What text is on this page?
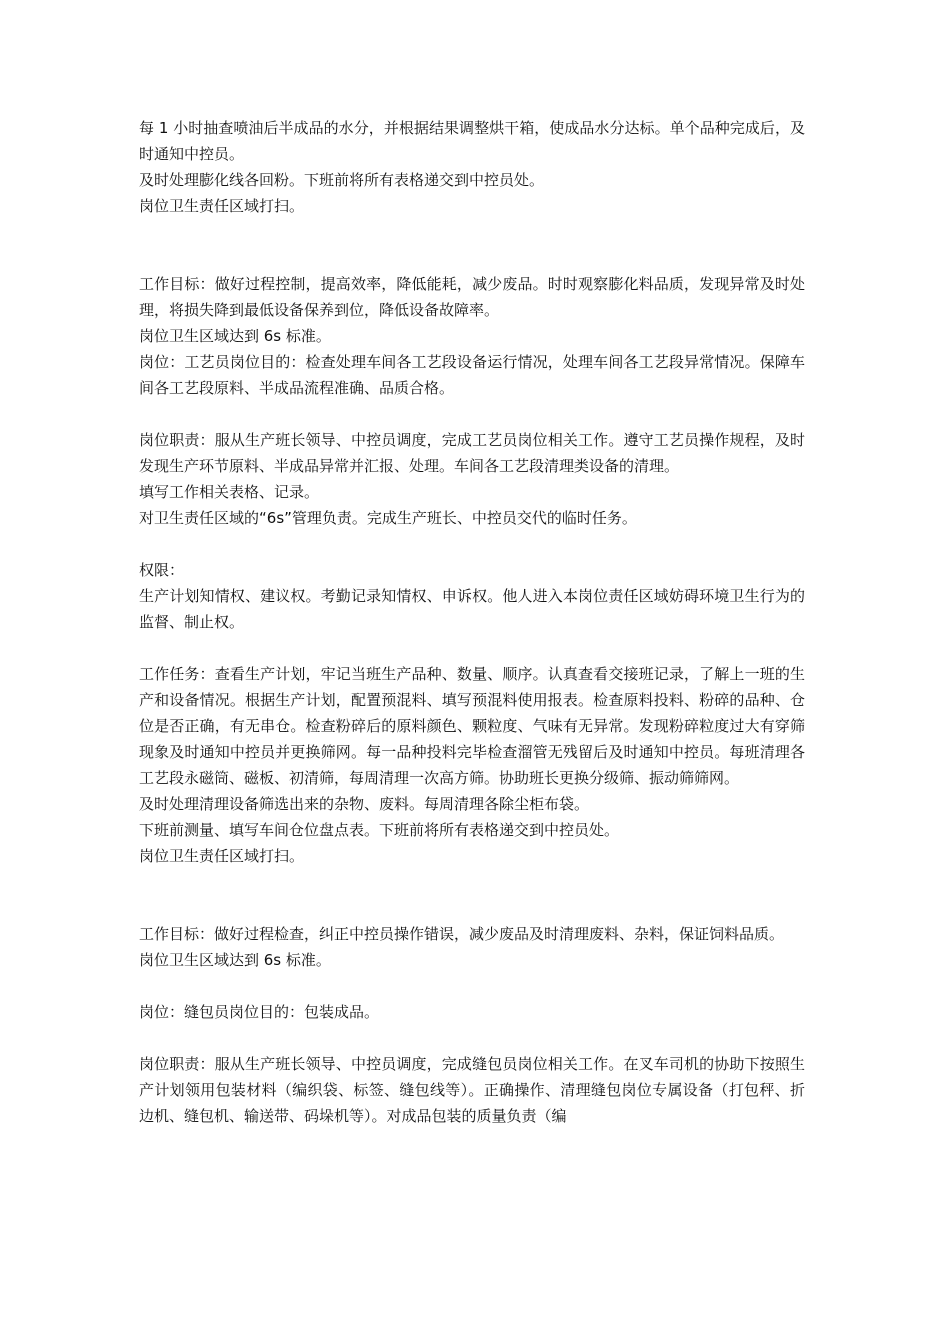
每 1 小时抽查喷油后半成品的水分，并根据结果调整烘干箱，使成品水分达标。单个品种完成后，及时通知中控员。

及时处理膨化线各回粉。下班前将所有表格递交到中控员处。

岗位卫生责任区域打扫。

工作目标：做好过程控制，提高效率，降低能耗，减少废品。时时观察膨化料品质，发现异常及时处理，将损失降到最低设备保养到位，降低设备故障率。

岗位卫生区域达到 6s 标准。

岗位：工艺员岗位目的：检查处理车间各工艺段设备运行情况，处理车间各工艺段异常情况。保障车间各工艺段原料、半成品流程准确、品质合格。

岗位职责：服从生产班长领导、中控员调度，完成工艺员岗位相关工作。遵守工艺员操作规程，及时发现生产环节原料、半成品异常并汇报、处理。车间各工艺段清理类设备的清理。

填写工作相关表格、记录。

对卫生责任区域的“6s”管理负责。完成生产班长、中控员交代的临时任务。

权限：

生产计划知情权、建议权。考勤记录知情权、申诉权。他人进入本岗位责任区域妨碍环境卫生行为的监督、制止权。

工作任务：查看生产计划，牢记当班生产品种、数量、顺序。认真查看交接班记录，了解上一班的生产和设备情况。根据生产计划，配置预混料、填写预混料使用报表。检查原料投料、粉碎的品种、仓位是否正确，有无串仓。检查粉碎后的原料颜色、颗粒度、气味有无异常。发现粉碎粒度过大有穿筛现象及时通知中控员并更换筛网。每一品种投料完毕检查溜管无残留后及时通知中控员。每班清理各工艺段永磁筒、磁板、初清筛，每周清理一次高方筛。协助班长更换分级筛、振动筛筛网。

及时处理清理设备筛选出来的杂物、废料。每周清理各除尘柜布袋。

下班前测量、填写车间仓位盘点表。下班前将所有表格递交到中控员处。

岗位卫生责任区域打扫。

工作目标：做好过程检查，纠正中控员操作错误，减少废品及时清理废料、杂料，保证饲料品质。

岗位卫生区域达到 6s 标准。

岗位：缝包员岗位目的：包装成品。

岗位职责：服从生产班长领导、中控员调度，完成缝包员岗位相关工作。在叉车司机的协助下按照生产计划领用包装材料（编织袋、标签、缝包线等）。正确操作、清理缝包岗位专属设备（打包秤、折边机、缝包机、输送带、码垛机等）。对成品包装的质量负责（编
